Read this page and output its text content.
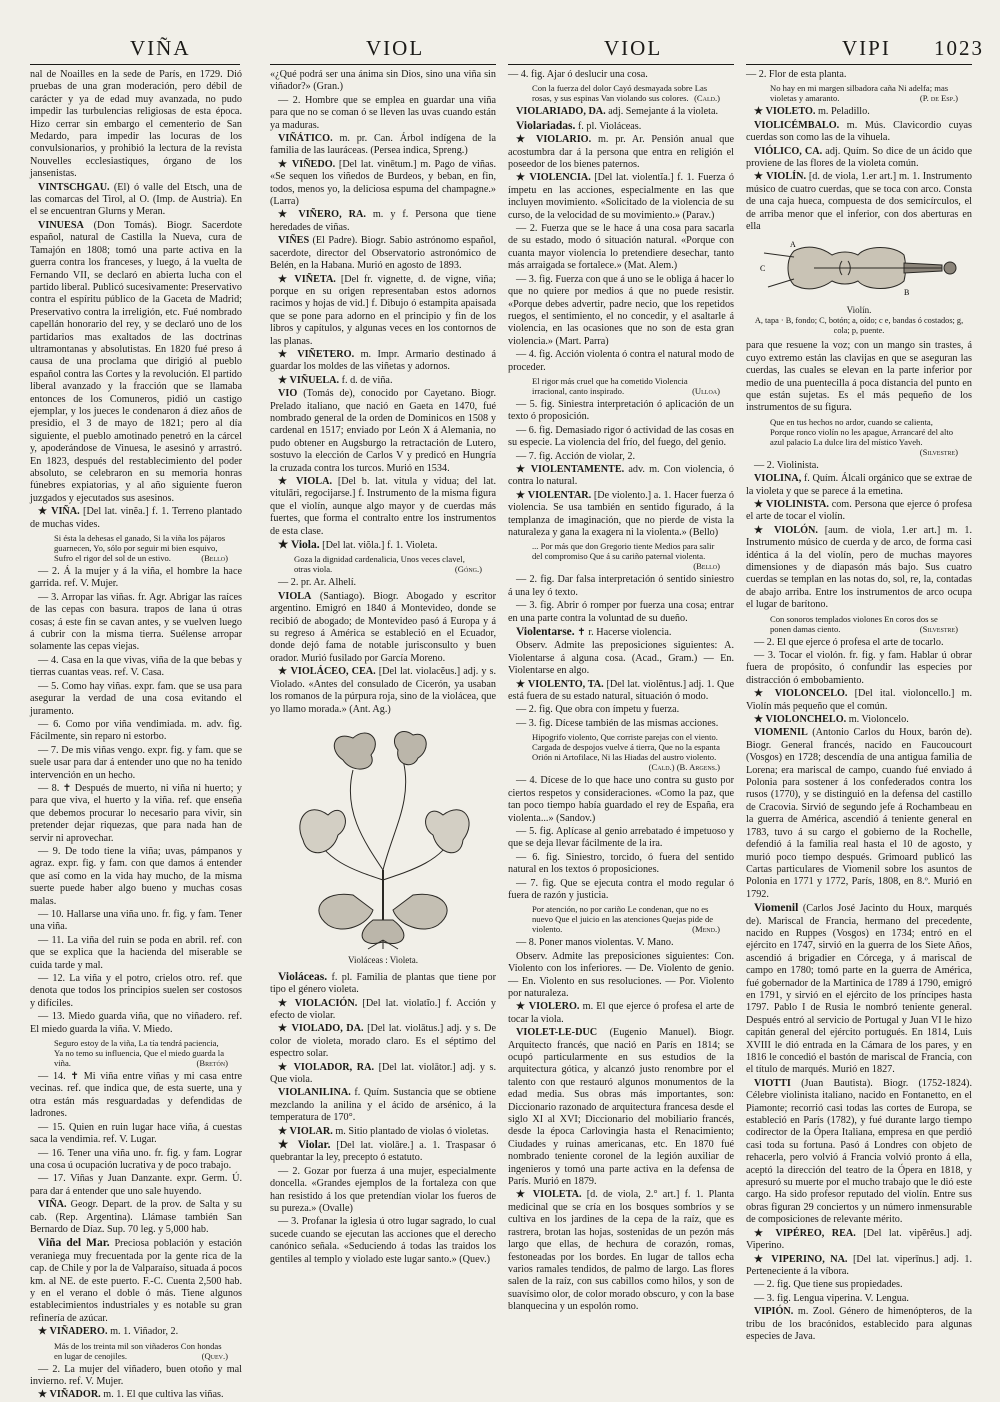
VIÑA	VIOL	VIOL	VIPI 1023

nal de Noailles en la sede de París, en 1729. Dió pruebas de una gran moderación, pero débil de carácter y ya de edad muy avanzada, no pudo impedir las turbulencias religiosas de esta época. Hizo cerrar sin embargo el cementerio de San Medardo, para impedir las locuras de los convulsionarios, y prohibió la lectura de la revista Nouvelles ecclesiastiques, órgano de los jansenistas.

VINTSCHGAU. (El) ó valle del Etsch, una de las comarcas del Tirol, al O. (Imp. de Austria). En el se encuentran Glurns y Meran.

VINUESA (Don Tomás). Biogr. Sacerdote español, natural de Castilla la Nueva, cura de Tamajón en 1808; tomó una parte activa en la guerra contra los franceses, y luego, á la vuelta de Fernando VII, se declaró en abierta lucha con el partido liberal. Publicó sucesivamente: Preservativo contra el espíritu público de la Gaceta de Madrid; Preservativo contra la irreligión, etc. Fué nombrado capellán honorario del rey, y se declaró uno de los partidarios mas exaltados de las doctrinas ultramontanas y absolutistas. En 1820 fué preso á causa de una proclama que dirigió al pueblo español contra las Cortes y la revolución. El partido liberal avanzado y la fracción que se llamaba entonces de los Comuneros, pidió un castigo ejemplar, y los jueces le condenaron á diez años de presidio, el 3 de mayo de 1821; pero al día siguiente, el pueblo amotinado penetró en la cárcel y, apoderándose de Vinuesa, le asesinó y arrastró. En 1823, después del restablecimiento del poder absoluto, se celebraron en su memoria honras fúnebres expiatorias, y al año siguiente fueron juzgados y ejecutados sus asesinos.

★ VIÑA. [Del lat. vinĕa.] f. 1. Terreno plantado de muchas vides.

Si ésta la dehesas el ganado, Si la viña los pájaros guarnecen, Yo, sólo por seguir mi bien esquivo, Sufro el rigor del sol de un estivo.	(Bello)

— 2. Á la mujer y á la viña, el hombre la hace garrida. ref. V. Mujer.

— 3. Arropar las viñas. fr. Agr. Abrigar las raíces de las cepas con basura. trapos de lana ú otras cosas; á este fin se cavan antes, y se vuelven luego á cubrir con la misma tierra. Suélense arropar solamente las cepas viejas.

— 4. Casa en la que vivas, viña de la que bebas y tierras cuantas veas. ref. V. Casa.

— 5. Como hay viñas. expr. fam. que se usa para asegurar la verdad de una cosa evitando el juramento.

— 6. Como por viña vendimiada. m. adv. fig. Fácilmente, sin reparo ni estorbo.

— 7. De mis viñas vengo. expr. fig. y fam. que se suele usar para dar á entender uno que no ha tenido intervención en un hecho.

— 8. ✝ Después de muerto, ni viña ni huerto; y para que viva, el huerto y la viña. ref. que enseña que debemos procurar lo necesario para vivir, sin pretender dejar riquezas, que para nada han de servir ni aprovechar.

— 9. De todo tiene la viña; uvas, pámpanos y agraz. expr. fig. y fam. con que damos á entender que así como en la vida hay mucho, de la misma suerte puede haber algo bueno y muchas cosas malas.

— 10. Hallarse una viña uno. fr. fig. y fam. Tener una viña.

— 11. La viña del ruin se poda en abril. ref. con que se explica que la hacienda del miserable se cuida tarde y mal.

— 12. La viña y el potro, crielos otro. ref. que denota que todos los principios suelen ser costosos y difíciles.

— 13. Miedo guarda viña, que no viñadero. ref. El miedo guarda la viña. V. Miedo.

Seguro estoy de la viña, La tía tendrá paciencia, Ya no temo su influencia, Que el miedo guarda la viña.	(Bretón)

— 14. ✝ Mi viña entre viñas y mi casa entre vecinas. ref. que indica que, de esta suerte, una y otra están más resguardadas y defendidas de ladrones.

— 15. Quien en ruin lugar hace viña, á cuestas saca la vendimia. ref. V. Lugar.

— 16. Tener una viña uno. fr. fig. y fam. Lograr una cosa ú ocupación lucrativa y de poco trabajo.

— 17. Viñas y Juan Danzante. expr. Germ. Ú. para dar á entender que uno sale huyendo.

VIÑA. Geogr. Depart. de la prov. de Salta y su cab. (Rep. Argentina). Llámase también San Bernardo de Díaz. Sup. 70 leg. y 5,000 hab.

Viña del Mar. Preciosa población y estación veraniega muy frecuentada por la gente rica de la cap. de Chile y por la de Valparaíso, situada á pocos km. al NE. de este puerto. F.-C. Cuenta 2,500 hab. y en el verano el doble ó más. Tiene algunos establecimientos industriales y es notable su gran refinería de azúcar.

★ VIÑADERO. m. 1. Viñador, 2.

Más de los treinta mil son viñaderos Con hondas en lugar de cenojiles.	(Quev.)

— 2. La mujer del viñadero, buen otoño y mal invierno. ref. V. Mujer.

★ VIÑADOR. m. 1. El que cultiva las viñas.

«¿Qué podrá ser una ánima sin Dios, sino una viña sin viñador?» (Gran.)

— 2. Hombre que se emplea en guardar una viña para que no se coman ó se lleven las uvas cuando están ya maduras.

VIÑÁTICO. m. pr. Can. Árbol indígena de la familia de las lauráceas. (Persea indica, Spreng.)

★ VIÑEDO. [Del lat. vinētum.] m. Pago de viñas. «Se sequen los viñedos de Burdeos, y beban, en fin, todos, menos yo, la deliciosa espuma del champagne.» (Larra)

★ VIÑERO, RA. m. y f. Persona que tiene heredades de viñas.

VIÑES (El Padre). Biogr. Sabio astrónomo español, sacerdote, director del Observatorio astronómico de Belén, en la Habana. Murió en agosto de 1893.

★ VIÑETA. [Del fr. vignette, d. de vigne, viña; porque en su origen representaban estos adornos racimos y hojas de vid.] f. Dibujo ó estampita apaisada que se pone para adorno en el principio y fin de los libros y capítulos, y algunas veces en los contornos de las planas.

★ VIÑETERO. m. Impr. Armario destinado á guardar los moldes de las viñetas y adornos.

★ VIÑUELA. f. d. de viña.

VIO (Tomás de), conocido por Cayetano. Biogr. Prelado italiano, que nació en Gaeta en 1470, fué nombrado general de la orden de Dominicos en 1508 y cardenal en 1517; enviado por León X á Alemania, no pudo obtener en Augsburgo la retractación de Lutero, sostuvo la elección de Carlos V y predicó en Hungría la cruzada contra los turcos. Murió en 1534.

★ VIOLA. [Del b. lat. vitula y vidua; del lat. vitulāri, regocijarse.] f. Instrumento de la misma figura que el violín, aunque algo mayor y de cuerdas más fuertes, que forma el contralto entre los instrumentos de esta clase.

★ Viola. [Del lat. viŏla.] f. 1. Violeta.

Goza la dignidad cardenalicia, Unos veces clavel, otras viola.	(Góng.)

— 2. pr. Ar. Alhelí.

VIOLA (Santiago). Biogr. Abogado y escritor argentino. Emigró en 1840 á Montevideo, donde se recibió de abogado; de Montevideo pasó á Europa y á su regreso á América se estableció en el Ecuador, donde dejó fama de notable jurisconsulto y buen orador. Murió fusilado por García Moreno.

★ VIOLÁCEO, CEA. [Del lat. violacĕus.] adj. y s. Violado. «Antes del consulado de Cicerón, ya usaban los romanos de la púrpura roja, sino de la violácea, que yo llamo morada.» (Ant. Ag.)

Violáceas : Violeta.

Violáceas. f. pl. Familia de plantas que tiene por tipo el género violeta.

★ VIOLACIÓN. [Del lat. violatĭo.] f. Acción y efecto de violar.

★ VIOLADO, DA. [Del lat. violātus.] adj. y s. De color de violeta, morado claro. Es el séptimo del espectro solar.

★ VIOLADOR, RA. [Del lat. violātor.] adj. y s. Que viola.

VIOLANILINA. f. Quím. Sustancia que se obtiene mezclando la anilina y el ácido de arsénico, á la temperatura de 170°.

★ VIOLAR. m. Sitio plantado de violas ó violetas.

★ Violar. [Del lat. violāre.] a. 1. Traspasar ó quebrantar la ley, precepto ó estatuto.

— 2. Gozar por fuerza á una mujer, especialmente doncella. «Grandes ejemplos de la fortaleza con que han resistido á los que pretendían violar los fueros de su pureza.» (Ovalle)

— 3. Profanar la iglesia ú otro lugar sagrado, lo cual sucede cuando se ejecutan las acciones que el derecho canónico señala. «Seduciendo á todas las traidos los gentiles al templo y violado este lugar santo.» (Quev.)

— 4. fig. Ajar ó deslucir una cosa.

Con la fuerza del dolor Cayó desmayada sobre Las rosas, y sus espinas Van violando sus colores. (Cald.)

VIOLARIADO, DA. adj. Semejante á la violeta.

Violariadas. f. pl. Violáceas.

★ VIOLARIO. m. pr. Ar. Pensión anual que acostumbra dar á la persona que entra en religión el poseedor de los bienes paternos.

★ VIOLENCIA. [Del lat. violentĭa.] f. 1. Fuerza ó ímpetu en las acciones, especialmente en las que incluyen movimiento. «Solicitado de la violencia de su curso, de la velocidad de su movimiento.» (Parav.)

— 2. Fuerza que se le hace á una cosa para sacarla de su estado, modo ó situación natural. «Porque con cuanta mayor violencia lo pretendiere desechar, tanto más arraigada se fortalece.» (Mat. Alem.)

— 3. fig. Fuerza con que á uno se le obliga á hacer lo que no quiere por medios á que no puede resistir. «Porque debes advertir, padre necio, que los repetidos ruegos, el sentimiento, el no concedir, y el asaltarle á violencia, en las ocasiones que no son de esta gran violencia.» (Mart. Parra)

— 4. fig. Acción violenta ó contra el natural modo de proceder.

El rigor más cruel que ha cometido Violencia irracional, canto inspirado.	(Ulloa)

— 5. fig. Siniestra interpretación ó aplicación de un texto ó proposición.

— 6. fig. Demasiado rigor ó actividad de las cosas en su especie. La violencia del frío, del fuego, del genio.

— 7. fig. Acción de violar, 2.

★ VIOLENTAMENTE. adv. m. Con violencia, ó contra lo natural.

★ VIOLENTAR. [De violento.] a. 1. Hacer fuerza ó violencia. Se usa también en sentido figurado, á la templanza de imaginación, que no pierde de vista la naturaleza y gana la exagera ni la violenta.» (Bello)

... Por más que don Gregorio tiente Medios para salir del compromiso Que á su cariño paternal violenta.
(Bello)

— 2. fig. Dar falsa interpretación ó sentido siniestro á una ley ó texto.

— 3. fig. Abrir ó romper por fuerza una cosa; entrar en una parte contra la voluntad de su dueño.

Violentarse. ✝ r. Hacerse violencia.

Observ. Admite las preposiciones siguientes: A. Violentarse á alguna cosa. (Acad., Gram.) — En. Violentarse en algo.

★ VIOLENTO, TA. [Del lat. violĕntus.] adj. 1. Que está fuera de su estado natural, situación ó modo.

— 2. fig. Que obra con ímpetu y fuerza.

— 3. fig. Dícese también de las mismas acciones.

Hipogrifo violento, Que corriste parejas con el viento. Cargada de despojos vuelve á tierra, Que no la espanta Orión ni Artofilace, Ni las Hiadas del austro violento.
(Cald.) (B. Argens.)

— 4. Dícese de lo que hace uno contra su gusto por ciertos respetos y consideraciones. «Como la paz, que tan poco tiempo había guardado el rey de España, era violenta...» (Sandov.)

— 5. fig. Aplícase al genio arrebatado é impetuoso y que se deja llevar fácilmente de la ira.

— 6. fig. Siniestro, torcido, ó fuera del sentido natural en los textos ó proposiciones.

— 7. fig. Que se ejecuta contra el modo regular ó fuera de razón y justicia.

Por atención, no por cariño Le condenan, que no es nuevo Que el juicio en las atenciones Quejas pide de violento.	(Mend.)

— 8. Poner manos violentas. V. Mano.

Observ. Admite las preposiciones siguientes: Con. Violento con los inferiores. — De. Violento de genio. — En. Violento en sus resoluciones. — Por. Violento por naturaleza.

★ VIOLERO. m. El que ejerce ó profesa el arte de tocar la viola.

VIOLET-LE-DUC (Eugenio Manuel). Biogr. Arquitecto francés, que nació en París en 1814; se ocupó particularmente en sus estudios de la arquitectura gótica, y alcanzó justo renombre por el talento con que restauró algunos monumentos de la edad media. Sus obras más importantes, son: Diccionario razonado de arquitectura francesa desde el siglo XI al XVI; Diccionario del mobiliario francés, desde la época Carlovingia hasta el Renacimiento; Ciudades y ruinas americanas, etc. En 1870 fué nombrado teniente coronel de la legión auxiliar de ingenieros y tomó una parte activa en la defensa de París. Murió en 1879.

★ VIOLETA. [d. de viola, 2.° art.] f. 1. Planta medicinal que se cría en los bosques sombríos y se cultiva en los jardines de la cepa de la raíz, que es rastrera, brotan las hojas, sostenidas de un pezón más largo que ellas, de hechura de corazón, romas, festoneadas por los bordes. En lugar de tallos echa varios ramales tendidos, de palmo de largo. Las flores salen de la raíz, con sus cabillos como hilos, y son de suavísimo olor, de color morado obscuro, y con la base blanquecina y un espolón romo.

— 2. Flor de esta planta.

No hay en mi margen silbadora caña Ni adelfa; mas violetas y amaranto.	(P. de Esp.)

★ VIOLETO. m. Peladillo.

VIOLICÉMBALO. m. Mús. Clavicordio cuyas cuerdas son como las de la vihuela.

VIÓLICO, CA. adj. Quím. So dice de un ácido que proviene de las flores de la violeta común.

★ VIOLÍN. [d. de viola, 1.er art.] m. 1. Instrumento músico de cuatro cuerdas, que se toca con arco. Consta de una caja hueca, compuesta de dos semicírculos, el de arriba menor que el inferior, con dos aberturas en ella

A
B
C
Violín.
A, tapa · B, fondo; C, botón; a, oído; c e, bandas ó costados; g, cola; p, puente.

para que resuene la voz; con un mango sin trastes, á cuyo extremo están las clavijas en que se aseguran las cuerdas, las cuales se elevan en la parte inferior por medio de una puentecilla á poca distancia del punto en que están sujetas. Es el más pequeño de los instrumentos de su figura.

Que en tus hechos no ardor, cuando se calienta, Porque ronco violín no les apague, Arrancaré del alto azul palacio La dulce lira del místico Yaveh.
(Silvestre)

— 2. Violinista.

VIOLINA, f. Quím. Álcali orgánico que se extrae de la violeta y que se parece á la emetina.

★ VIOLINISTA. com. Persona que ejerce ó profesa el arte de tocar el violín.

★ VIOLÓN. [aum. de viola, 1.er art.] m. 1. Instrumento músico de cuerda y de arco, de forma casi idéntica á la del violín, pero de muchas mayores dimensiones y de diapasón más bajo. Sus cuatro cuerdas se templan en las notas do, sol, re, la, contadas de abajo arriba. Entre los instrumentos de arco ocupa el lugar de barítono.

Con sonoros templados violones En coros dos se ponen damas ciento.	(Silvestre)

— 2. El que ejerce ó profesa el arte de tocarlo.

— 3. Tocar el violón. fr. fig. y fam. Hablar ú obrar fuera de propósito, ó confundir las especies por distracción ó embobamiento.

★ VIOLONCELO. [Del ital. violoncello.] m. Violín más pequeño que el común.

★ VIOLONCHELO. m. Violoncelo.

VIOMENIL (Antonio Carlos du Houx, barón de). Biogr. General francés, nacido en Faucoucourt (Vosgos) en 1728; descendía de una antigua familia de Lorena; era mariscal de campo, cuando fué enviado á Polonia para sostener á los confederados contra los rusos (1770), y se distinguió en la defensa del castillo de Cracovia. Sirvió de segundo jefe á Rochambeau en la guerra de América, ascendió á teniente general en 1783, tuvo á su cargo el gobierno de la Rochelle, defendió á la familia real hasta el 10 de agosto, y murió poco tiempo después. Grimoard publicó las Cartas particulares de Viomenil sobre los asuntos de Polonia en 1771 y 1772, París, 1808, en 8.º. Murió en 1792.

Viomenil (Carlos José Jacinto du Houx, marqués de). Mariscal de Francia, hermano del precedente, nacido en Ruppes (Vosgos) en 1734; entró en el ejército en 1747, sirvió en la guerra de los Siete Años, ascendió á brigadier en Córcega, y á mariscal de campo en 1780; tomó parte en la guerra de América, fué gobernador de la Martinica de 1789 á 1790, emigró en 1791, y sirvió en el ejército de los príncipes hasta 1797. Pablo I de Rusia le nombró teniente general. Después entró al servicio de Portugal y Juan VI le hizo capitán general del ejército portugués. En 1814, Luis XVIII le dió entrada en la Cámara de los pares, y en 1816 le concedió el bastón de mariscal de Francia, con el título de marqués. Murió en 1827.

VIOTTI (Juan Bautista). Biogr. (1752-1824). Célebre violinista italiano, nacido en Fontanetto, en el Piamonte; recorrió casi todas las cortes de Europa, se estableció en París (1782), y fué durante largo tiempo codirector de la Ópera Italiana, empresa en que perdió casi toda su fortuna. Pasó á Londres con objeto de rehacerla, pero volvió á Francia volvió pronto á ella, aceptó la dirección del teatro de la Ópera en 1818, y apresuró su muerte por el mucho trabajo que le dió este cargo. Ha sido profesor reputado del violín. Entre sus obras figuran 29 conciertos y un número inmensurable de composiciones de relevante mérito.

★ VIPÉREO, REA. [Del lat. vipĕrĕus.] adj. Viperino.

★ VIPERINO, NA. [Del lat. viperīnus.] adj. 1. Perteneciente á la víbora.

— 2. fig. Que tiene sus propiedades.

— 3. fig. Lengua viperina. V. Lengua.

VIPIÓN. m. Zool. Género de himenópteros, de la tribu de los bracónidos, establecido para algunas especies de Java.
